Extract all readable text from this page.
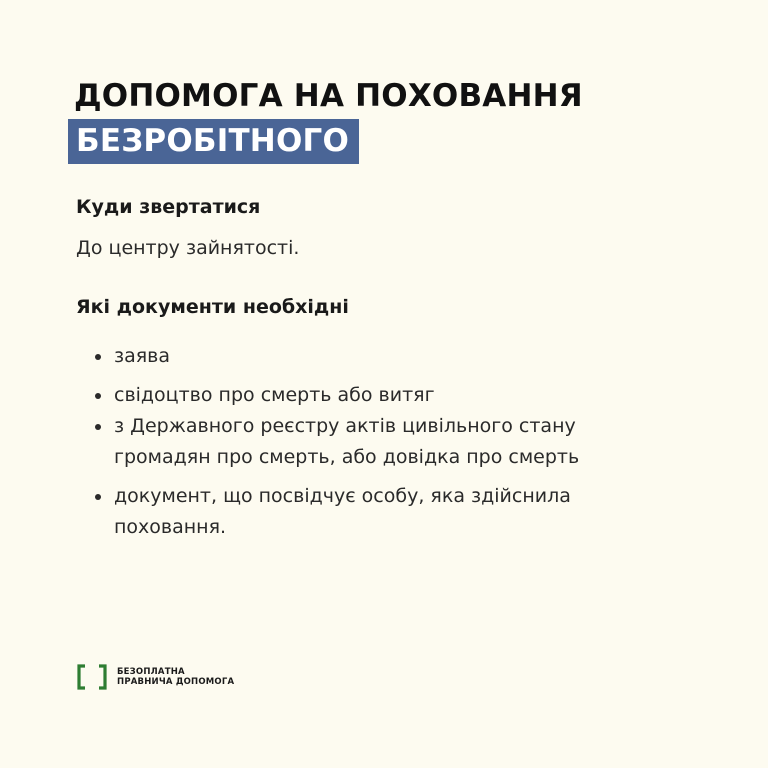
ДОПОМОГА НА ПОХОВАННЯ
БЕЗРОБІТНОГО
Куди звертатися
До центру зайнятості.
Які документи необхідні
заява
свідоцтво про смерть або витяг
з Державного реєстру актів цивільного стану
громадян про смерть, або довідка про смерть
документ, що посвідчує особу, яка здійснила
поховання.
БЕЗОПЛАТНА
ПРАВНИЧА ДОПОМОГА
